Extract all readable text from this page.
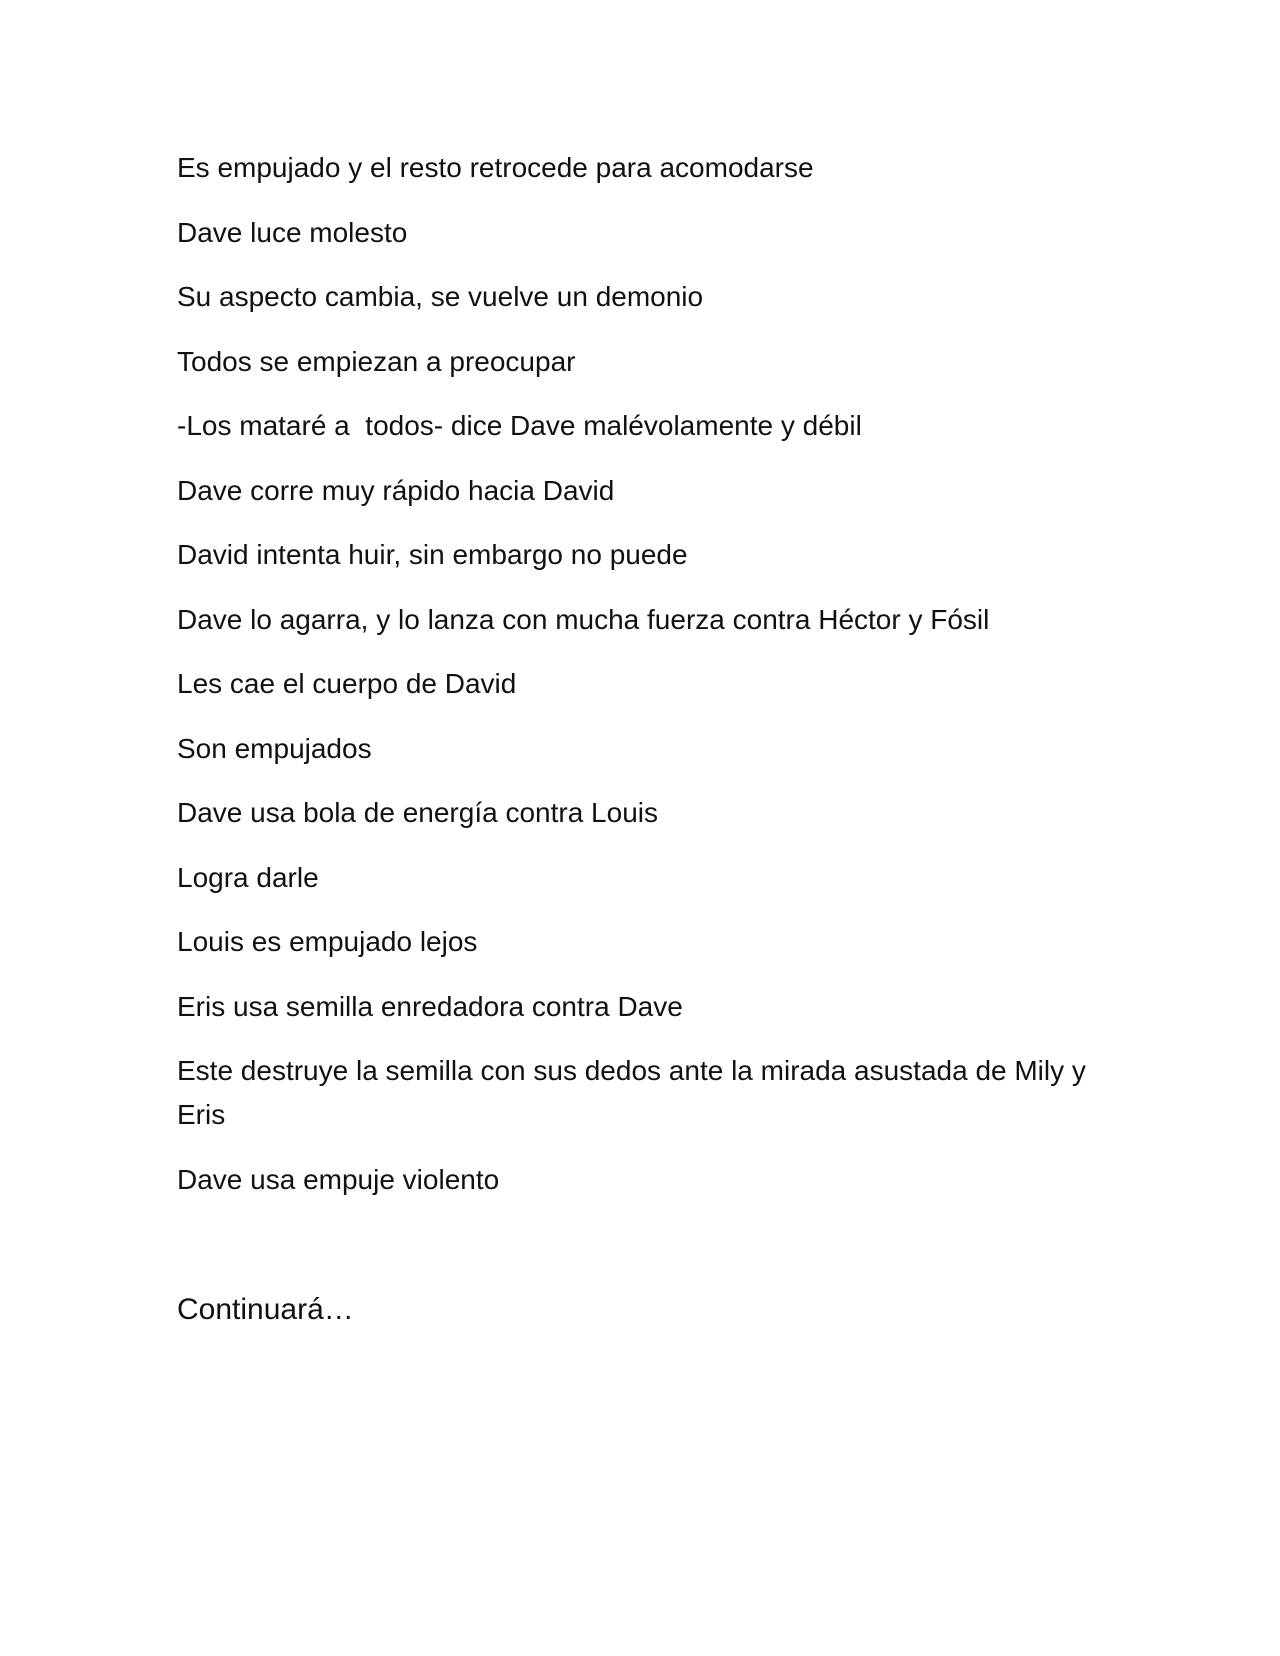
Es empujado y el resto retrocede para acomodarse

Dave luce molesto

Su aspecto cambia, se vuelve un demonio

Todos se empiezan a preocupar

-Los mataré a  todos- dice Dave malévolamente y débil

Dave corre muy rápido hacia David

David intenta huir, sin embargo no puede

Dave lo agarra, y lo lanza con mucha fuerza contra Héctor y Fósil

Les cae el cuerpo de David

Son empujados

Dave usa bola de energía contra Louis

Logra darle

Louis es empujado lejos

Eris usa semilla enredadora contra Dave

Este destruye la semilla con sus dedos ante la mirada asustada de Mily y Eris

Dave usa empuje violento

Continuará…
